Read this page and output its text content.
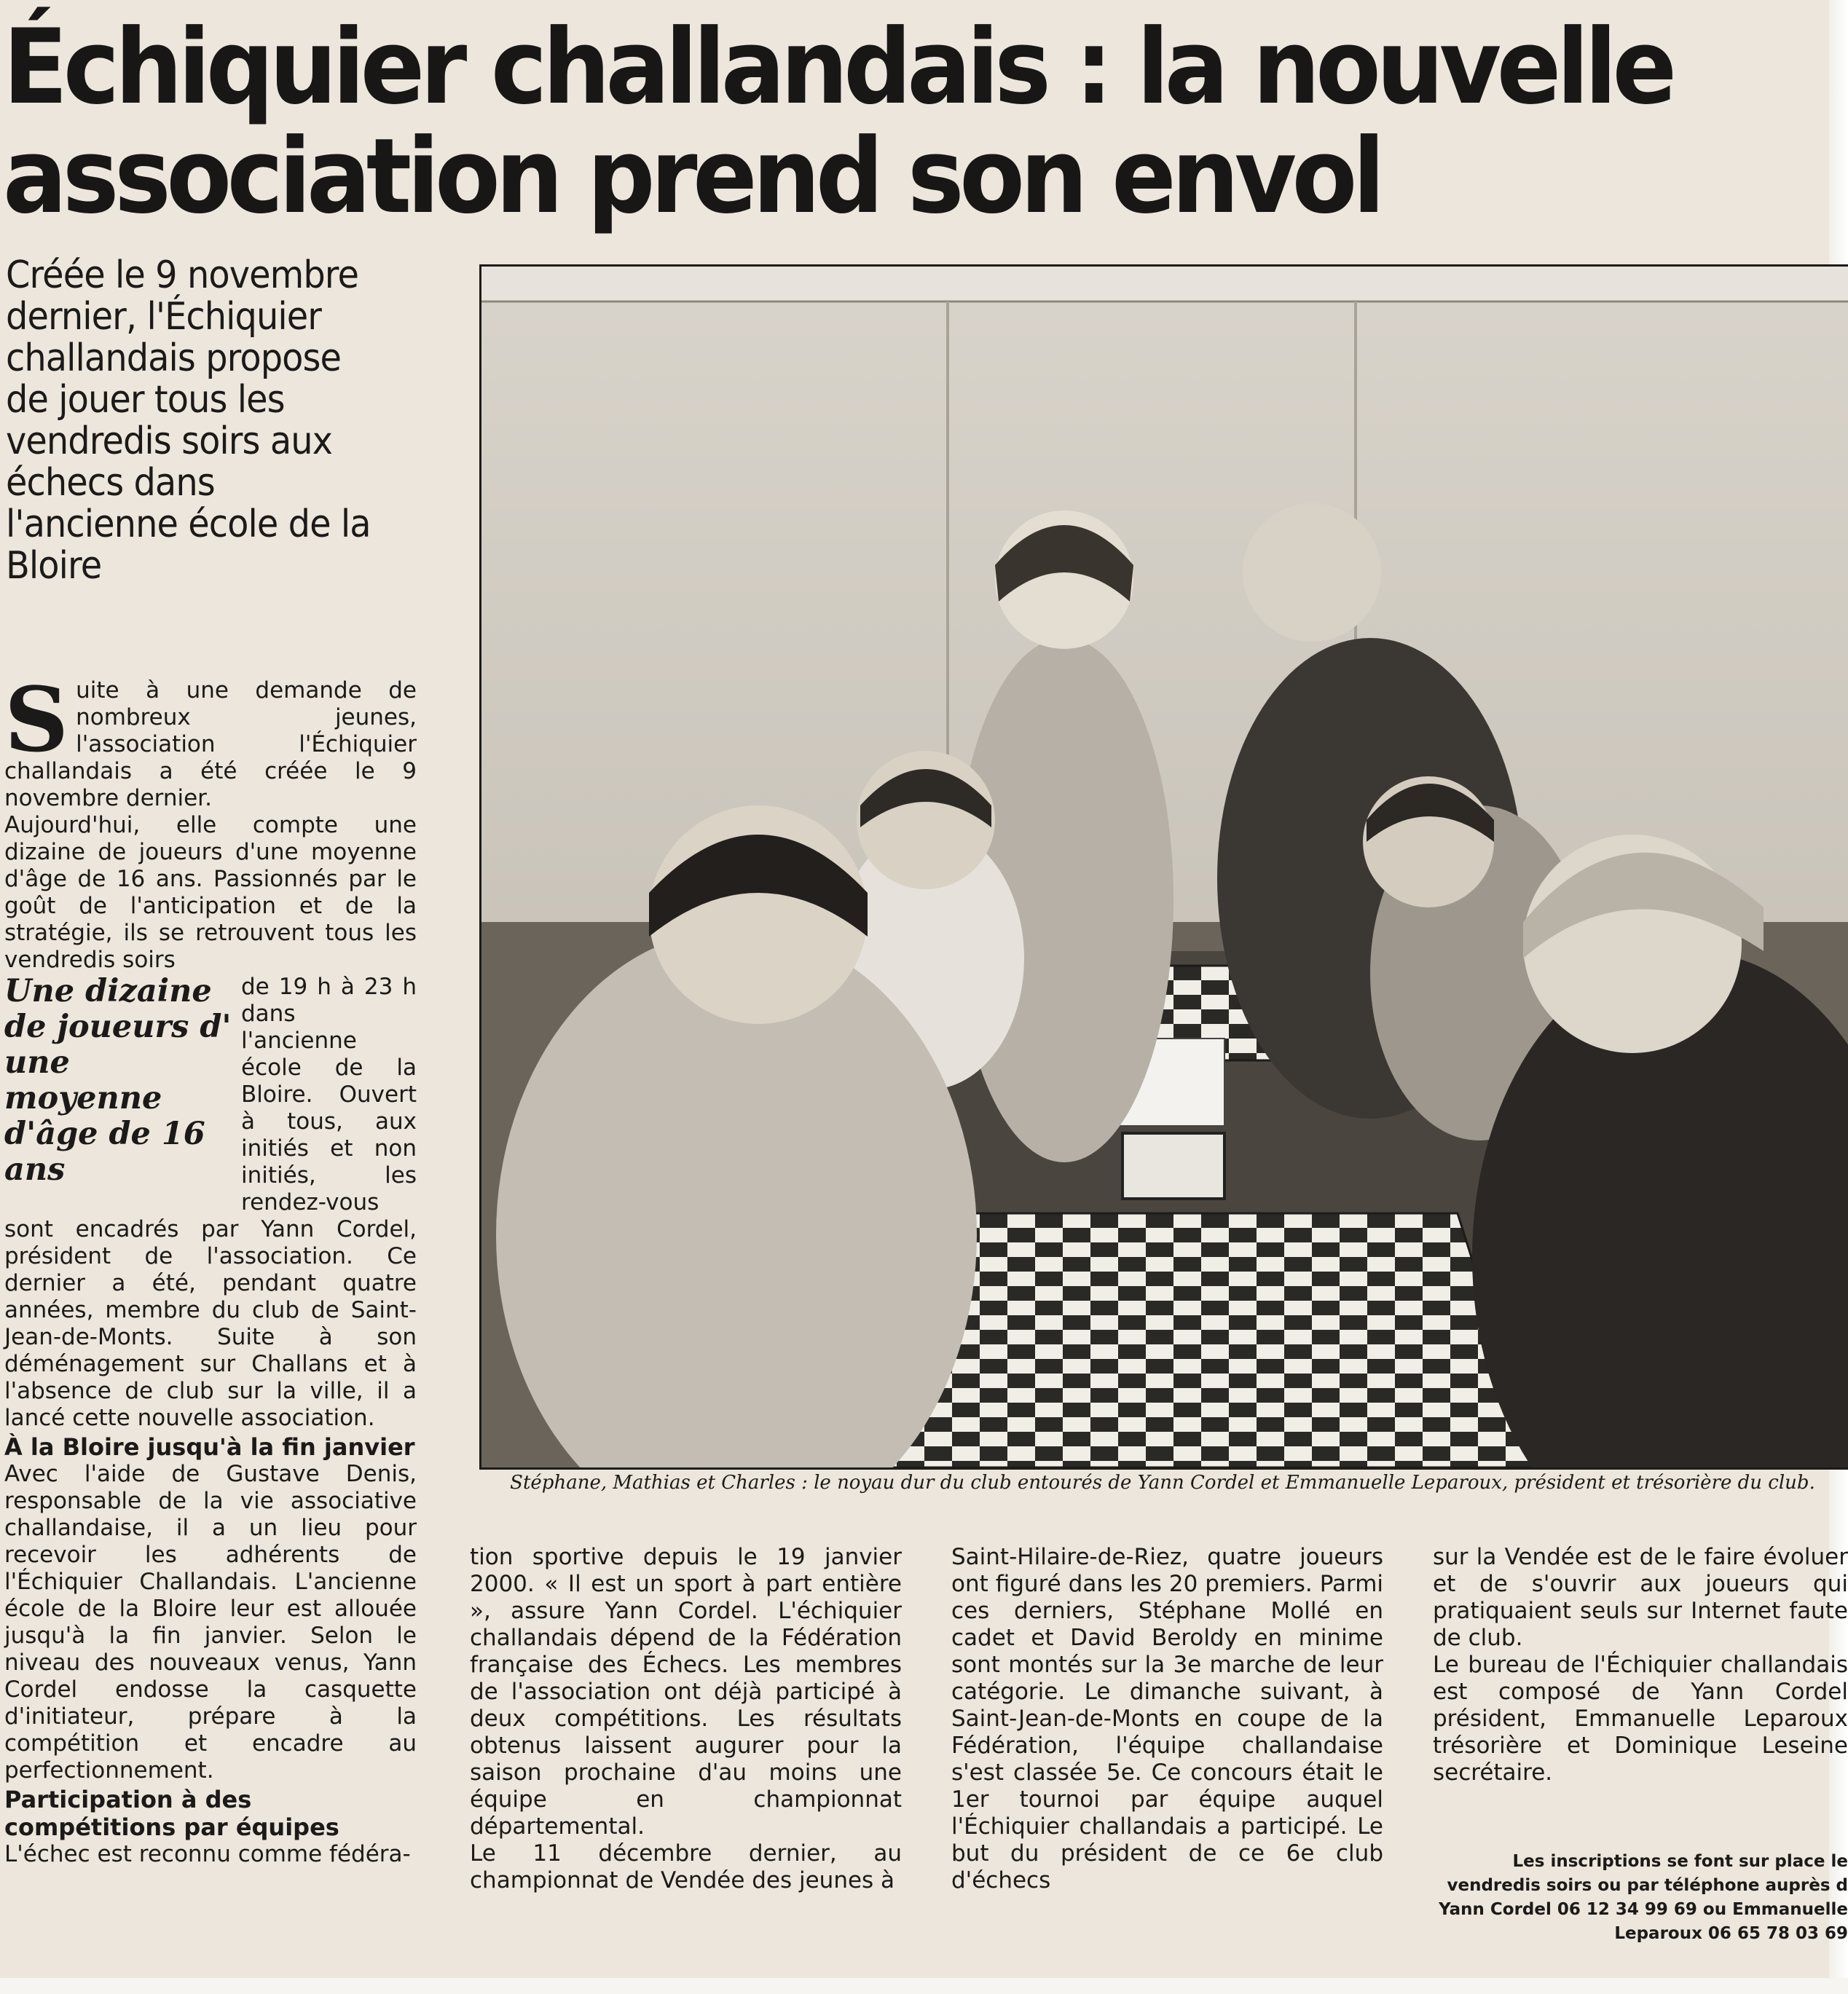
Échiquier challandais : la nouvelle
association prend son envol
Créée le 9 novembre
dernier, l'Échiquier
challandais propose
de jouer tous les
vendredis soirs aux
échecs dans
l'ancienne école de la
Bloire

Suite à une demande de nombreux jeunes, l'association l'Échiquier challandais a été créée le 9 novembre dernier.

Aujourd'hui, elle compte une dizaine de joueurs d'une moyenne d'âge de 16 ans. Passionnés par le goût de l'anticipation et de la stratégie, ils se retrouvent tous les vendredis soirs

Une dizaine de joueurs d' une moyenne d'âge de 16 ans

de 19 h à 23 h dans l'ancienne école de la Bloire. Ouvert à tous, aux initiés et non initiés, les rendez-vous sont encadrés par Yann Cordel, président de l'association. Ce dernier a été, pendant quatre années, membre du club de Saint-Jean-de-Monts. Suite à son déménagement sur Challans et à l'absence de club sur la ville, il a lancé cette nouvelle association.

À la Bloire jusqu'à la fin janvier

Avec l'aide de Gustave Denis, responsable de la vie associative challandaise, il a un lieu pour recevoir les adhérents de l'Échiquier Challandais. L'ancienne école de la Bloire leur est allouée jusqu'à la fin janvier. Selon le niveau des nouveaux venus, Yann Cordel endosse la casquette d'initiateur, prépare à la compétition et encadre au perfectionnement.

Participation à des compétitions par équipes

L'échec est reconnu comme fédéra-

Stéphane, Mathias et Charles : le noyau dur du club entourés de Yann Cordel et Emmanuelle Leparoux, président et trésorière du club.

tion sportive depuis le 19 janvier 2000. « Il est un sport à part entière », assure Yann Cordel. L'échiquier challandais dépend de la Fédération française des Échecs. Les membres de l'association ont déjà participé à deux compétitions. Les résultats obtenus laissent augurer pour la saison prochaine d'au moins une équipe en championnat départemental.

Le 11 décembre dernier, au championnat de Vendée des jeunes à

Saint-Hilaire-de-Riez, quatre joueurs ont figuré dans les 20 premiers. Parmi ces derniers, Stéphane Mollé en cadet et David Beroldy en minime sont montés sur la 3e marche de leur catégorie. Le dimanche suivant, à Saint-Jean-de-Monts en coupe de la Fédération, l'équipe challandaise s'est classée 5e. Ce concours était le 1er tournoi par équipe auquel l'Échiquier challandais a participé. Le but du président de ce 6e club d'échecs

sur la Vendée est de le faire évoluer et de s'ouvrir aux joueurs qui pratiquaient seuls sur Internet faute de club.

Le bureau de l'Échiquier challandais est composé de Yann Cordel président, Emmanuelle Leparoux trésorière et Dominique Leseine secrétaire.

Les inscriptions se font sur place le
vendredis soirs ou par téléphone auprès d
Yann Cordel 06 12 34 99 69 ou Emmanuelle
Leparoux 06 65 78 03 69
